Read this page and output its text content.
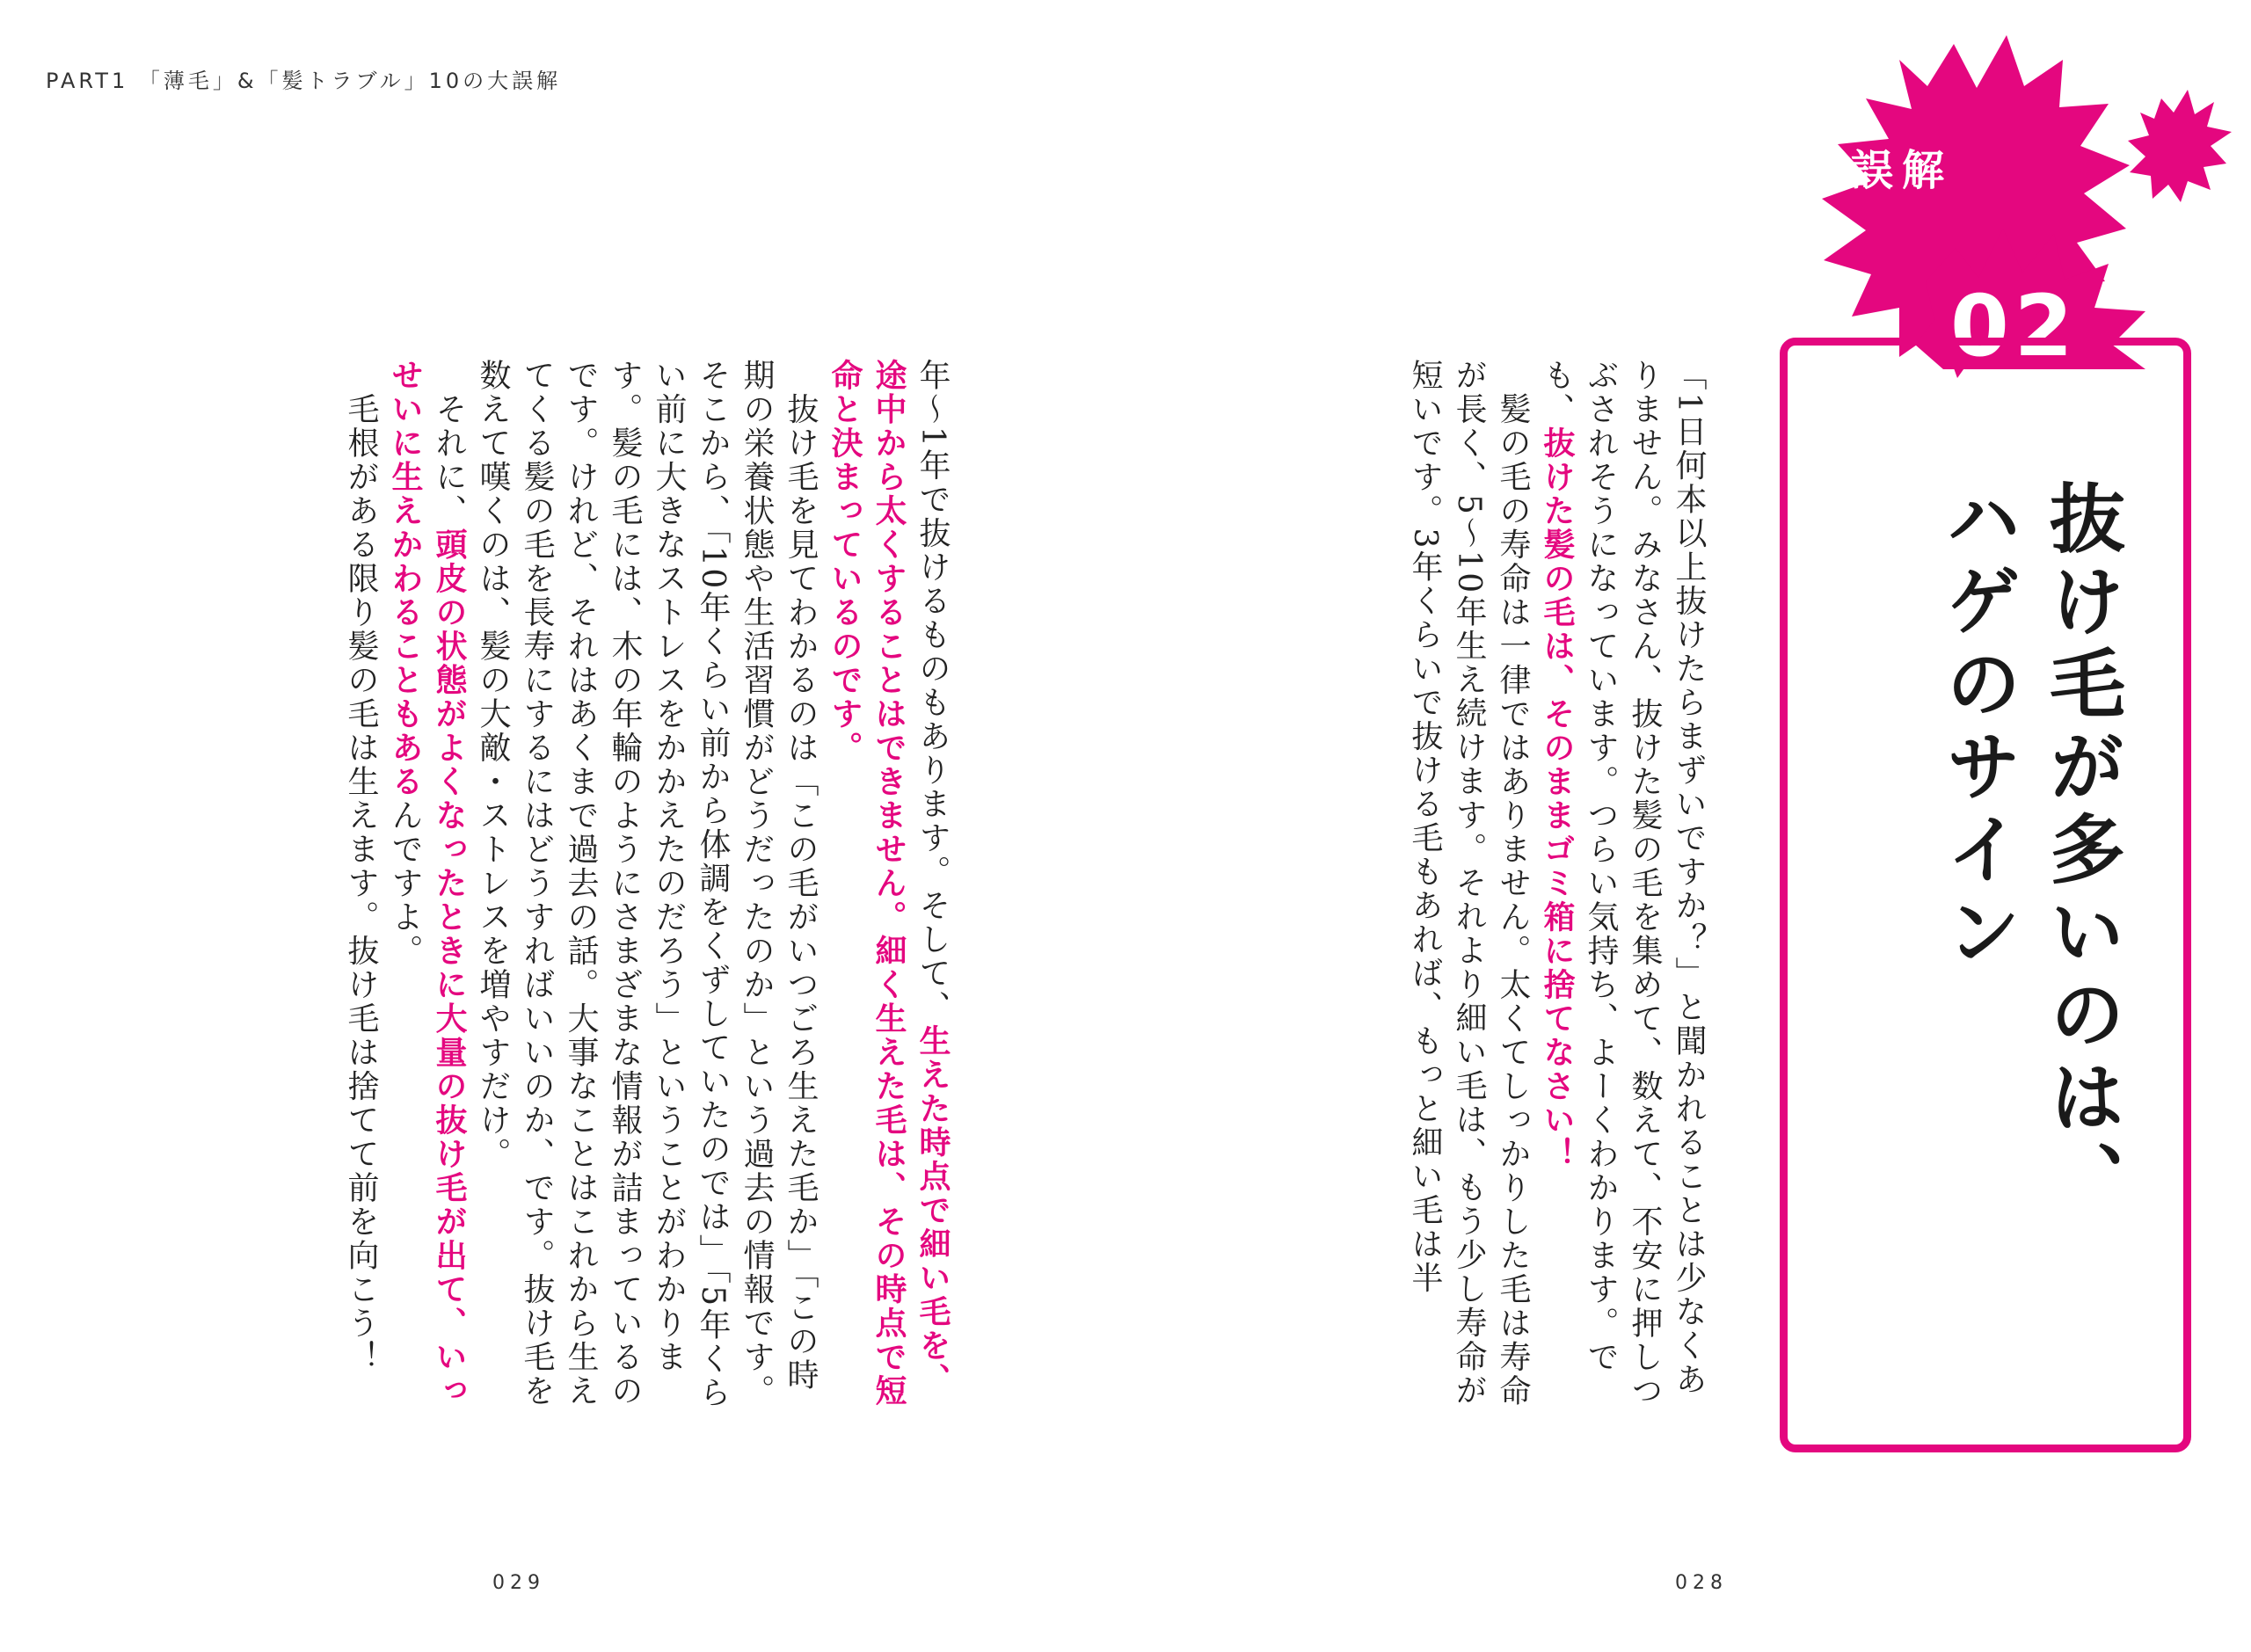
PART1 「薄毛」&「髪トラブル」10の大誤解
誤解
02
抜け毛が多いのは、
ハゲのサイン

「1日何本以上抜けたらまずいですか？」と聞かれることは少なくありません。みなさん、抜けた髪の毛を集めて、数えて、不安に押しつぶされそうになっています。つらい気持ち、よーくわかります。でも、抜けた髪の毛は、そのままゴミ箱に捨てなさい！

　髪の毛の寿命は一律ではありません。太くてしっかりした毛は寿命が長く、5〜10年生え続けます。それより細い毛は、もう少し寿命が短いです。3年くらいで抜ける毛もあれば、もっと細い毛は半

年〜1年で抜けるものもあります。そして、生えた時点で細い毛を、途中から太くすることはできません。細く生えた毛は、その時点で短命と決まっているのです。

　抜け毛を見てわかるのは「この毛がいつごろ生えた毛か」「この時期の栄養状態や生活習慣がどうだったのか」という過去の情報です。そこから、「10年くらい前から体調をくずしていたのでは」「5年くらい前に大きなストレスをかかえたのだろう」ということがわかります。髪の毛には、木の年輪のようにさまざまな情報が詰まっているのです。けれど、それはあくまで過去の話。大事なことはこれから生えてくる髪の毛を長寿にするにはどうすればいいのか、です。抜け毛を数えて嘆くのは、髪の大敵・ストレスを増やすだけ。

　それに、頭皮の状態がよくなったときに大量の抜け毛が出て、いっせいに生えかわることもあるんですよ。

　毛根がある限り髪の毛は生えます。抜け毛は捨てて前を向こう！

029	028
